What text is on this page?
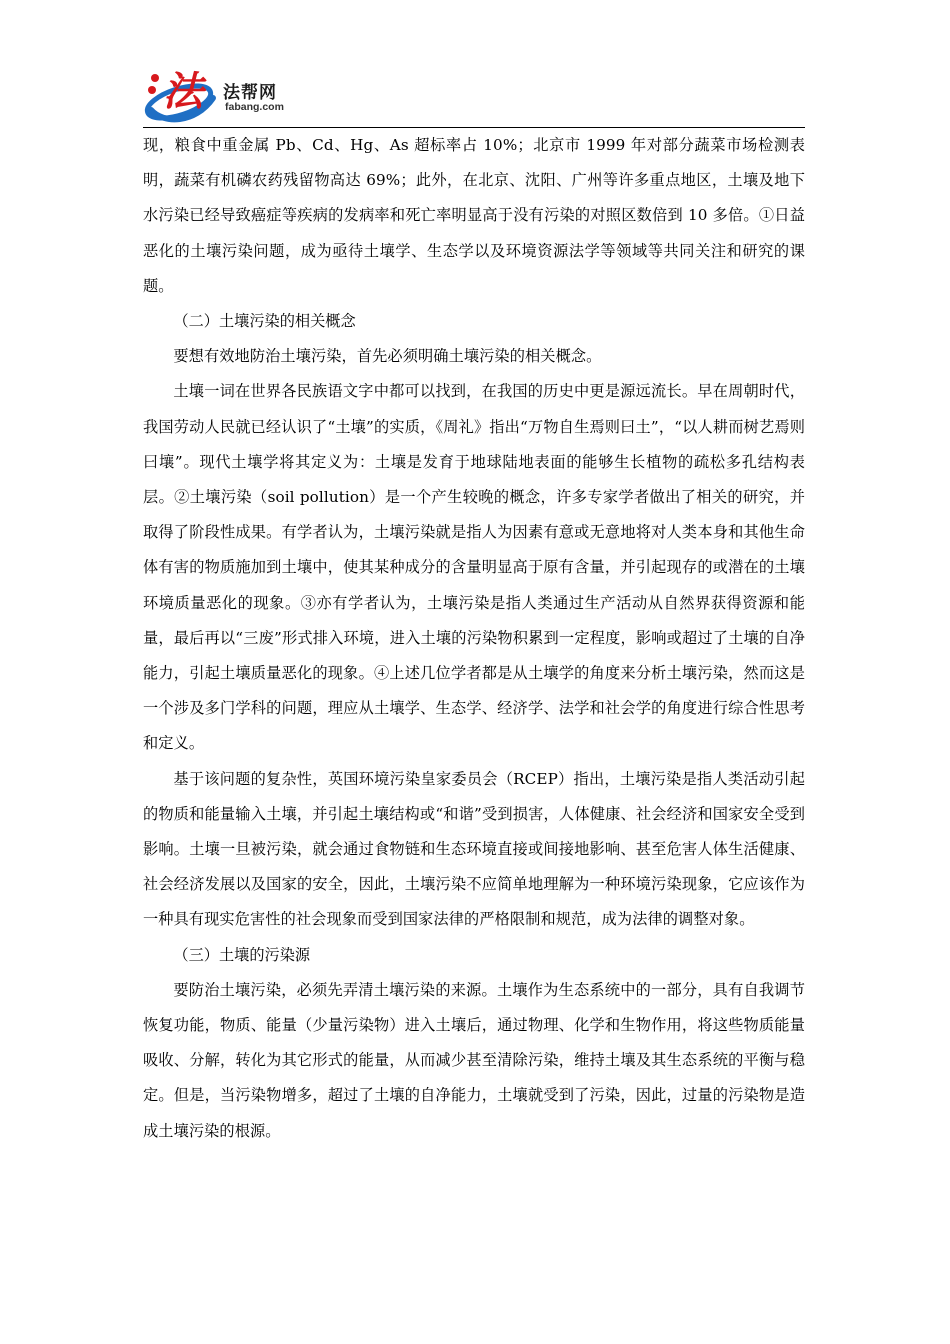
法 法帮网
fabang.com

现，粮食中重金属 Pb、Cd、Hg、As 超标率占 10%；北京市 1999 年对部分蔬菜市场检测表明，蔬菜有机磷农药残留物高达 69%；此外，在北京、沈阳、广州等许多重点地区，土壤及地下水污染已经导致癌症等疾病的发病率和死亡率明显高于没有污染的对照区数倍到 10 多倍。①日益恶化的土壤污染问题，成为亟待土壤学、生态学以及环境资源法学等领域等共同关注和研究的课题。

（二）土壤污染的相关概念

要想有效地防治土壤污染，首先必须明确土壤污染的相关概念。

土壤一词在世界各民族语文字中都可以找到，在我国的历史中更是源远流长。早在周朝时代，我国劳动人民就已经认识了“土壤”的实质，《周礼》指出“万物自生焉则曰土”，“以人耕而树艺焉则曰壤”。现代土壤学将其定义为：土壤是发育于地球陆地表面的能够生长植物的疏松多孔结构表层。②土壤污染（soil pollution）是一个产生较晚的概念，许多专家学者做出了相关的研究，并取得了阶段性成果。有学者认为，土壤污染就是指人为因素有意或无意地将对人类本身和其他生命体有害的物质施加到土壤中，使其某种成分的含量明显高于原有含量，并引起现存的或潜在的土壤环境质量恶化的现象。③亦有学者认为，土壤污染是指人类通过生产活动从自然界获得资源和能量，最后再以“三废”形式排入环境，进入土壤的污染物积累到一定程度，影响或超过了土壤的自净能力，引起土壤质量恶化的现象。④上述几位学者都是从土壤学的角度来分析土壤污染，然而这是一个涉及多门学科的问题，理应从土壤学、生态学、经济学、法学和社会学的角度进行综合性思考和定义。

基于该问题的复杂性，英国环境污染皇家委员会（RCEP）指出，土壤污染是指人类活动引起的物质和能量输入土壤，并引起土壤结构或“和谐”受到损害，人体健康、社会经济和国家安全受到影响。土壤一旦被污染，就会通过食物链和生态环境直接或间接地影响、甚至危害人体生活健康、社会经济发展以及国家的安全，因此，土壤污染不应简单地理解为一种环境污染现象，它应该作为一种具有现实危害性的社会现象而受到国家法律的严格限制和规范，成为法律的调整对象。

（三）土壤的污染源

要防治土壤污染，必须先弄清土壤污染的来源。土壤作为生态系统中的一部分，具有自我调节恢复功能，物质、能量（少量污染物）进入土壤后，通过物理、化学和生物作用，将这些物质能量吸收、分解，转化为其它形式的能量，从而减少甚至清除污染，维持土壤及其生态系统的平衡与稳定。但是，当污染物增多，超过了土壤的自净能力，土壤就受到了污染，因此，过量的污染物是造成土壤污染的根源。
